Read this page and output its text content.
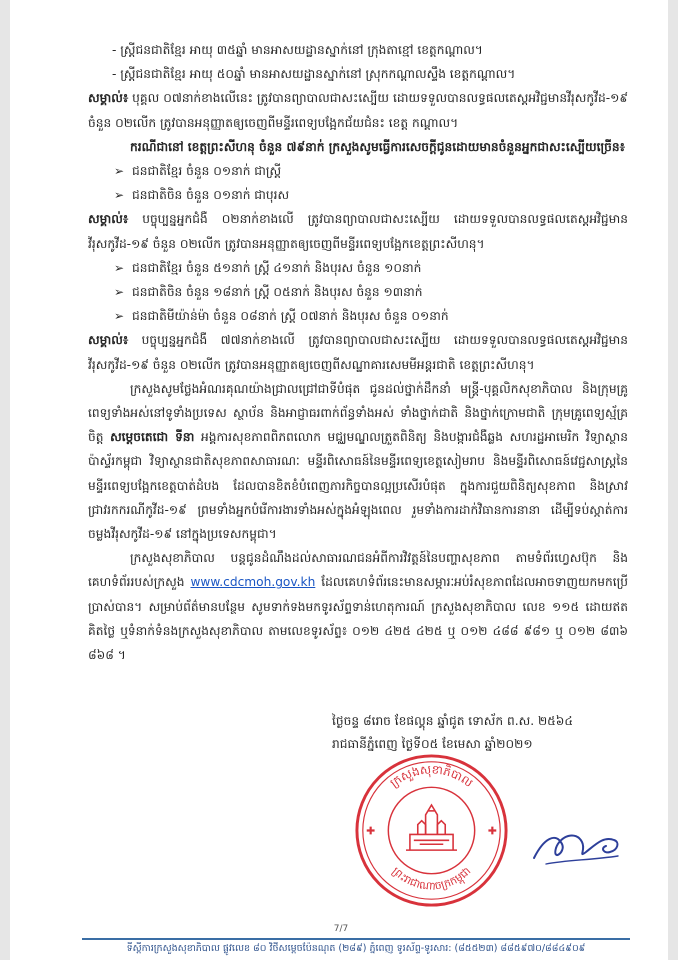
- ស្ត្រីជនជាតិខ្មែរ អាយុ ៣៥ឆ្នាំ មានអាសយដ្ឋានស្នាក់នៅ ក្រុងតាខ្មៅ ខេត្តកណ្តាល។
- ស្ត្រីជនជាតិខ្មែរ អាយុ ៥០ឆ្នាំ មានអាសយដ្ឋានស្នាក់នៅ ស្រុកកណ្តាលស្ទឹង ខេត្តកណ្តាល។
សម្គាល់៖ បុគ្គល ០៧នាក់ខាងលើនេះ ត្រូវបានព្យាបាលជាសះស្បើយ ដោយទទួលបានលទ្ធផលតេស្តអវិជ្ជមានវីរុសកូវីដ-១៩ ចំនួន ០២លើក ត្រូវបានអនុញ្ញាតឲ្យចេញពីមន្ទីរពេទ្យបង្អែកជ័យជំនះ ខេត្ត កណ្តាល។
ករណីជានៅ ខេត្តព្រះសីហនុ ចំនួន ៧៩នាក់ ក្រសួងសូមធ្វើការសេចក្តីជូនដោយមានចំនួនអ្នកជាសះស្បើយច្រើន៖
➢ ជនជាតិខ្មែរ ចំនួន ០១នាក់ ជាស្ត្រី
➢ ជនជាតិចិន ចំនួន ០១នាក់ ជាបុរស
សម្គាល់៖ បច្ចុប្បន្នអ្នកជំងឺ ០២នាក់ខាងលើ ត្រូវបានព្យាបាលជាសះស្បើយ ដោយទទួលបានលទ្ធផលតេស្តអវិជ្ជមានវីរុសកូវីដ-១៩ ចំនួន ០២លើក ត្រូវបានអនុញ្ញាតឲ្យចេញពីមន្ទីរពេទ្យបង្អែកខេត្តព្រះសីហនុ។
➢ ជនជាតិខ្មែរ ចំនួន ៥១នាក់ ស្ត្រី ៤១នាក់ និងបុរស ចំនួន ១០នាក់
➢ ជនជាតិចិន ចំនួន ១៨នាក់ ស្ត្រី ០៥នាក់ និងបុរស ចំនួន ១៣នាក់
➢ ជនជាតិមីយ៉ាន់ម៉ា ចំនួន ០៨នាក់ ស្ត្រី ០៧នាក់ និងបុរស ចំនួន ០១នាក់
សម្គាល់៖ បច្ចុប្បន្នអ្នកជំងឺ ៧៧នាក់ខាងលើ ត្រូវបានព្យាបាលជាសះស្បើយ ដោយទទួលបានលទ្ធផលតេស្តអវិជ្ជមានវីរុសកូវីដ-១៩ ចំនួន ០២លើក ត្រូវបានអនុញ្ញាតឲ្យចេញពីសណ្ឋាគារសេមមីអន្តរជាតិ ខេត្តព្រះសីហនុ។
ក្រសួងសូមថ្លែងអំណរគុណយ៉ាងជ្រាលជ្រៅជាទីបំផុត ជូនដល់ថ្នាក់ដឹកនាំ មន្ត្រី-បុគ្គលិកសុខាភិបាល និងក្រុមគ្រូពេទ្យទាំងអស់នៅទូទាំងប្រទេស ស្ថាប័ន និងអាជ្ញាធរពាក់ព័ន្ធទាំងអស់ ទាំងថ្នាក់ជាតិ និងថ្នាក់ក្រោមជាតិ ក្រុមគ្រូពេទ្យស្ម័គ្រចិត្ត សម្តេចតេជោ ទីនា អង្គការសុខភាពពិភពលោក មជ្ឈមណ្ឌលត្រួតពិនិត្យ និងបង្ការជំងឺឆ្លង សហរដ្ឋអាមេរិក វិទ្យាស្ថានប៉ាស្ទ័រកម្ពុជា វិទ្យាស្ថានជាតិសុខភាពសាធារណៈ មន្ទីរពិសោធន៍នៃមន្ទីរពេទ្យខេត្តសៀមរាប និងមន្ទីរពិសោធន៍វេជ្ជសាស្ត្រនៃមន្ទីរពេទ្យបង្អែកខេត្តបាត់ដំបង ដែលបានខិតខំបំពេញភារកិច្ចបានល្អប្រសើរបំផុត ក្នុងការជួយពិនិត្យសុខភាព និងស្រាវជ្រាវរកករណីកូវីដ-១៩ ព្រមទាំងអ្នកបំរើការងារទាំងអស់ក្នុងអំឡុងពេល រួមទាំងការដាក់វិធានការនានា ដើម្បីទប់ស្កាត់ការចម្លងវីរុសកូវីដ-១៩ នៅក្នុងប្រទេសកម្ពុជា។
ក្រសួងសុខាភិបាល បន្តជូនដំណឹងដល់សាធារណជនអំពីការវិវត្តន៍នៃបញ្ហាសុខភាព តាមទំព័រហ្វេសប៊ុក និងគេហទំព័ររបស់ក្រសួង www.cdcmoh.gov.kh ដែលគេហទំព័រនេះមានសម្ភារៈអប់រំសុខភាពដែលអាចទាញយកមកប្រើប្រាស់បាន។ សម្រាប់ព័ត៌មានបន្ថែម សូមទាក់ទងមកទូរស័ព្ទទាន់ហេតុការណ៍ ក្រសួងសុខាភិបាល លេខ ១១៥ ដោយឥតគិតថ្លៃ ឬទំនាក់ទំនងក្រសួងសុខាភិបាល តាមលេខទូរស័ព្ទ៖ ០១២ ៤២៥ ៤២៥ ឬ ០១២ ៤៨៨ ៩៨១ ឬ ០១២ ៨៣៦ ៨៦៨ ។
ថ្ងៃចន្ទ ៨រោច ខែផល្គុន ឆ្នាំជូត ទោស័ក ព.ស. ២៥៦៤
រាជធានីភ្នំពេញ ថ្ងៃទី០៥ ខែមេសា ឆ្នាំ២០២១
ក្រសួងសុខាភិបាល
ព្រះរាជាណាចក្រកម្ពុជា
7/7
ទីស្តីការក្រសួងសុខាភិបាល ផ្លូវលេខ ៨០ វិថីសម្តេចប៉ែនណុត (២៨៩) ភ្នំពេញ ទូរស័ព្ទ-ទូរសារ: (៨៥៥២៣) ៨៨៥៩៧០/៨៨៤៩០៩
